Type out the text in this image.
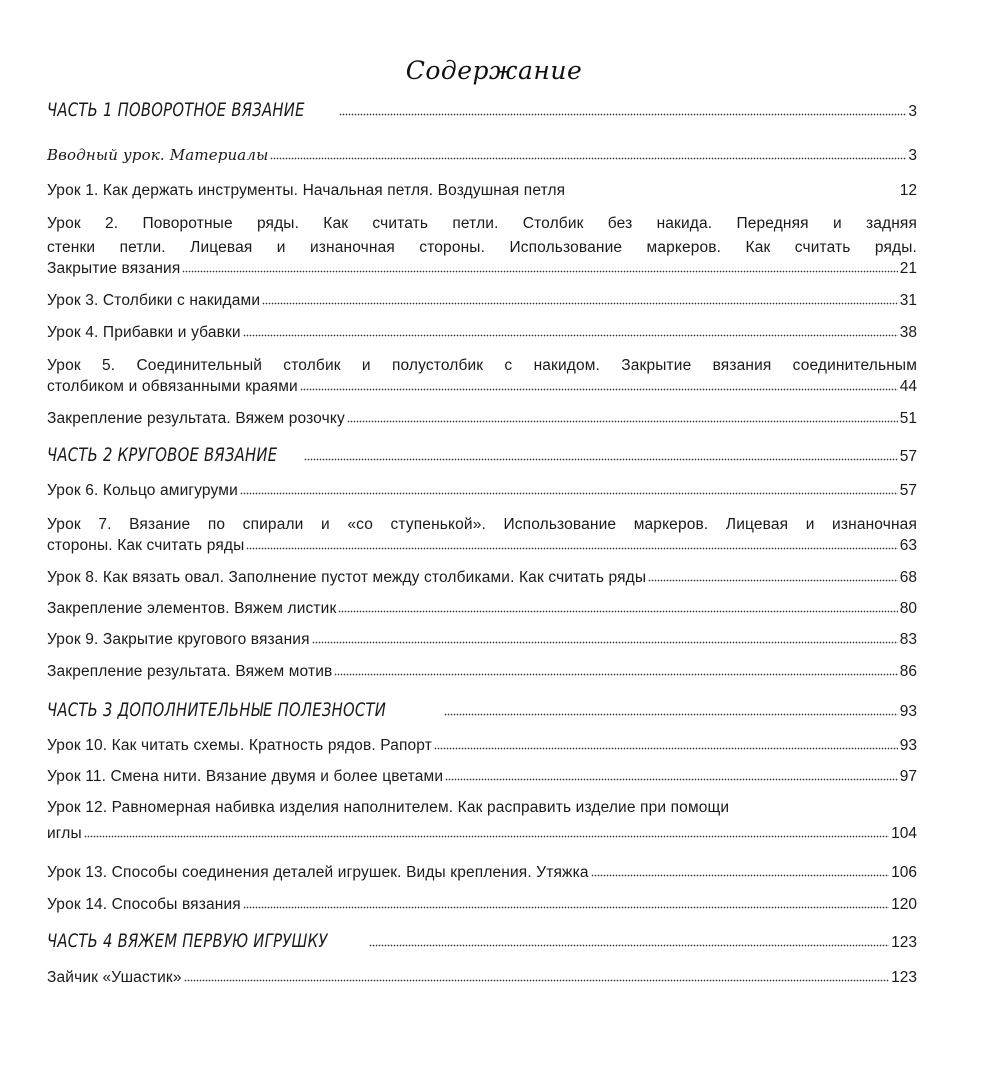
Содержание
ЧАСТЬ 1 ПОВОРОТНОЕ ВЯЗАНИЕ	3
Вводный урок. Материалы	3
Урок 1. Как держать инструменты. Начальная петля. Воздушная петля	12
Урок 2. Поворотные ряды. Как считать петли. Столбик без накида. Передняя и задняя
стенки петли. Лицевая и изнаночная стороны. Использование маркеров. Как считать ряды.
Закрытие вязания	21
Урок 3. Столбики с накидами	31
Урок 4. Прибавки и убавки	38
Урок 5. Соединительный столбик и полустолбик с накидом. Закрытие вязания соединительным
столбиком и обвязанными краями	44
Закрепление результата. Вяжем розочку	51
ЧАСТЬ 2 КРУГОВОЕ ВЯЗАНИЕ	57
Урок 6. Кольцо амигуруми	57
Урок 7. Вязание по спирали и «со ступенькой». Использование маркеров. Лицевая и изнаночная
стороны. Как считать ряды	63
Урок 8. Как вязать овал. Заполнение пустот между столбиками. Как считать ряды	68
Закрепление элементов. Вяжем листик	80
Урок 9. Закрытие кругового вязания	83
Закрепление результата. Вяжем мотив	86
ЧАСТЬ 3 ДОПОЛНИТЕЛЬНЫЕ ПОЛЕЗНОСТИ	93
Урок 10. Как читать схемы. Кратность рядов. Рапорт	93
Урок 11. Смена нити. Вязание двумя и более цветами	97
Урок 12. Равномерная набивка изделия наполнителем. Как расправить изделие при помощи
иглы	104
Урок 13. Способы соединения деталей игрушек. Виды крепления. Утяжка	106
Урок 14. Способы вязания	120
ЧАСТЬ 4 ВЯЖЕМ ПЕРВУЮ ИГРУШКУ	123
Зайчик «Ушастик»	123
